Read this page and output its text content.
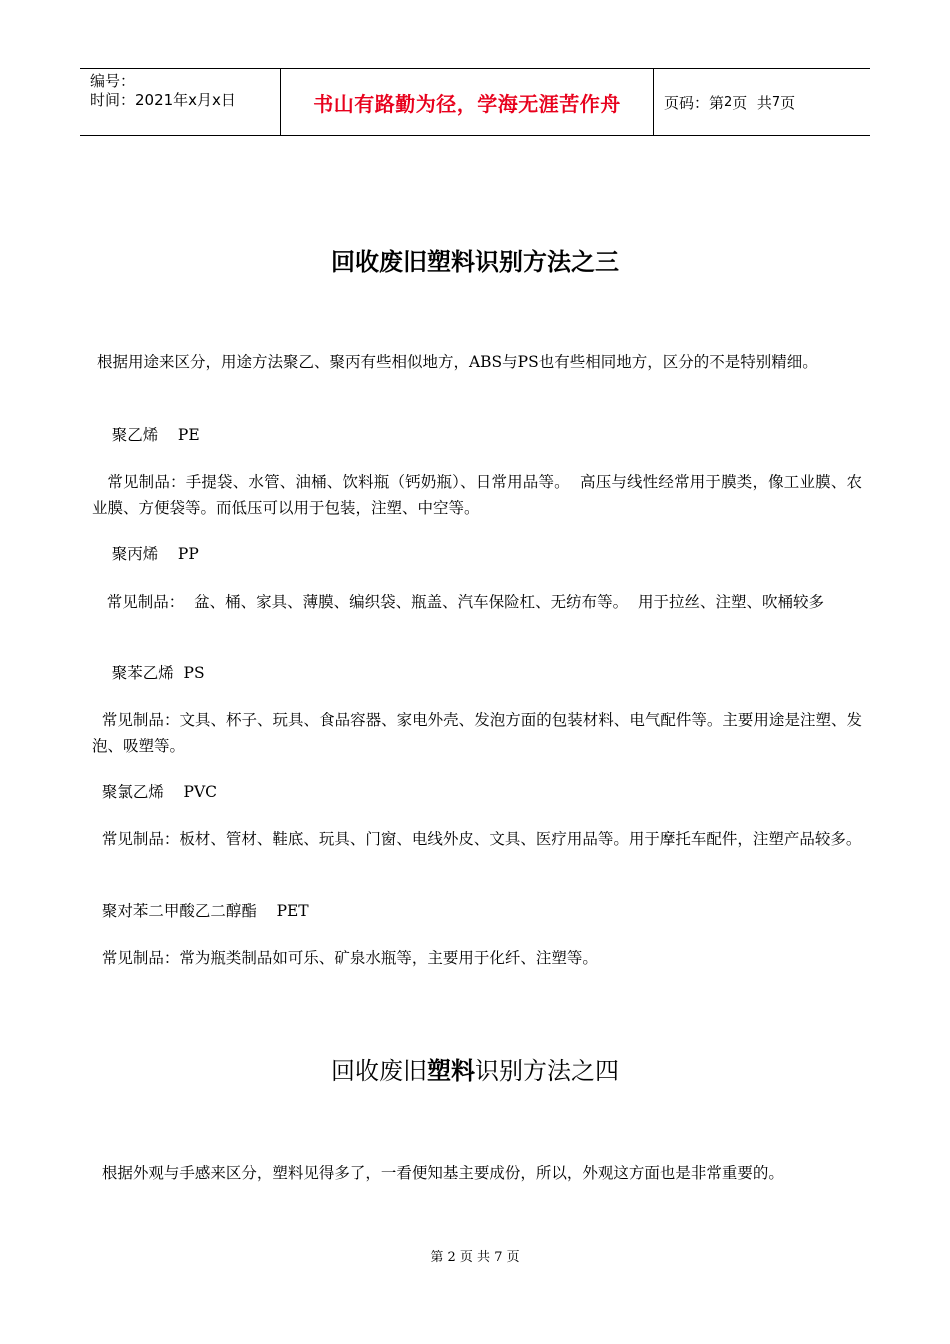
编号：
时间：2021年x月x日	书山有路勤为径，学海无涯苦作舟	页码：第 2 页  共 7 页
回收废旧塑料识别方法之三
根据用途来区分，用途方法聚乙、聚丙有些相似地方，ABS与PS也有些相同地方，区分的不是特别精细。
聚乙烯    PE
常见制品：手提袋、水管、油桶、饮料瓶（钙奶瓶）、日常用品等。  高压与线性经常用于膜类，像工业膜、农业膜、方便袋等。而低压可以用于包装，注塑、中空等。
聚丙烯    PP
常见制品：  盆、桶、家具、薄膜、编织袋、瓶盖、汽车保险杠、无纺布等。  用于拉丝、注塑、吹桶较多
聚苯乙烯  PS
常见制品：文具、杯子、玩具、食品容器、家电外壳、发泡方面的包装材料、电气配件等。主要用途是注塑、发泡、吸塑等。
聚氯乙烯    PVC
常见制品：板材、管材、鞋底、玩具、门窗、电线外皮、文具、医疗用品等。用于摩托车配件，注塑产品较多。
聚对苯二甲酸乙二醇酯    PET
常见制品：常为瓶类制品如可乐、矿泉水瓶等，主要用于化纤、注塑等。
回收废旧塑料识别方法之四
根据外观与手感来区分，塑料见得多了，一看便知基主要成份，所以，外观这方面也是非常重要的。
第 2 页 共 7 页
